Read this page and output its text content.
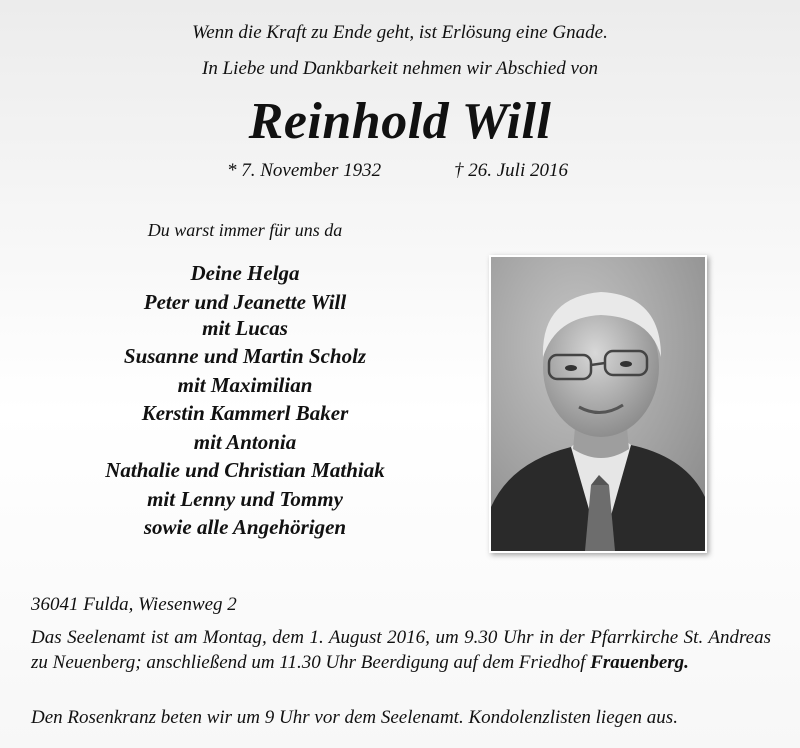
Wenn die Kraft zu Ende geht, ist Erlösung eine Gnade.
In Liebe und Dankbarkeit nehmen wir Abschied von
Reinhold Will
* 7. November 1932	† 26. Juli 2016
Du warst immer für uns da
Deine Helga
Peter und Jeanette Will
mit Lucas
Susanne und Martin Scholz
mit Maximilian
Kerstin Kammerl Baker
mit Antonia
Nathalie und Christian Mathiak
mit Lenny und Tommy
sowie alle Angehörigen
36041 Fulda, Wiesenweg 2
Das Seelenamt ist am Montag, dem 1. August 2016, um 9.30 Uhr in der Pfarrkirche St. Andreas zu Neuenberg; anschließend um 11.30 Uhr Beerdigung auf dem Friedhof Frauenberg.
Den Rosenkranz beten wir um 9 Uhr vor dem Seelenamt. Kondolenzlisten liegen aus.
